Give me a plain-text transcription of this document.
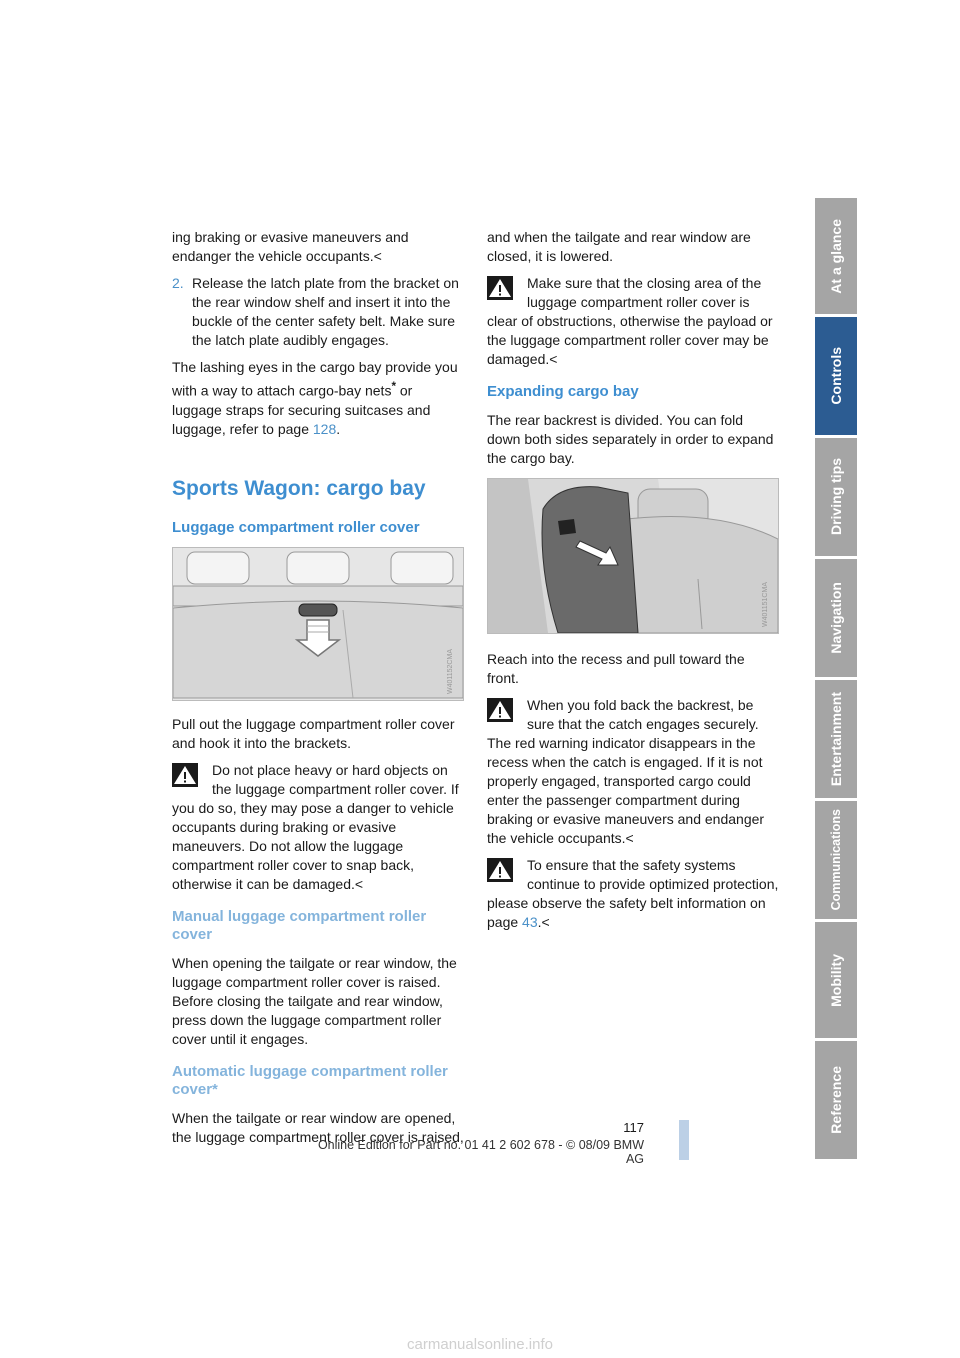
ing braking or evasive maneuvers and endanger the vehicle occupants.<

2. Release the latch plate from the bracket on the rear window shelf and insert it into the buckle of the center safety belt. Make sure the latch plate audibly engages.

The lashing eyes in the cargo bay provide you with a way to attach cargo-bay nets* or luggage straps for securing suitcases and luggage, refer to page 128.

Sports Wagon: cargo bay
Luggage compartment roller cover
W401152CMA

Pull out the luggage compartment roller cover and hook it into the brackets.

Do not place heavy or hard objects on the luggage compartment roller cover. If you do so, they may pose a danger to vehicle occupants during braking or evasive maneuvers. Do not allow the luggage compartment roller cover to snap back, otherwise it can be damaged.<
Manual luggage compartment roller cover

When opening the tailgate or rear window, the luggage compartment roller cover is raised. Before closing the tailgate and rear window, press down the luggage compartment roller cover until it engages.

Automatic luggage compartment roller cover*

When the tailgate or rear window are opened, the luggage compartment roller cover is raised,

and when the tailgate and rear window are closed, it is lowered.

Make sure that the closing area of the luggage compartment roller cover is clear of obstructions, otherwise the payload or the luggage compartment roller cover may be damaged.<
Expanding cargo bay

The rear backrest is divided. You can fold down both sides separately in order to expand the cargo bay.

W401151CMA

Reach into the recess and pull toward the front.

When you fold back the backrest, be sure that the catch engages securely. The red warning indicator disappears in the recess when the catch is engaged. If it is not properly engaged, transported cargo could enter the passenger compartment during braking or evasive maneuvers and endanger the vehicle occupants.<
To ensure that the safety systems continue to provide optimized protection, please observe the safety belt information on page 43.<
At a glance
Controls
Driving tips
Navigation
Entertainment
Communications
Mobility
Reference
117
Online Edition for Part no. 01 41 2 602 678 - © 08/09 BMW AG
carmanualsonline.info
